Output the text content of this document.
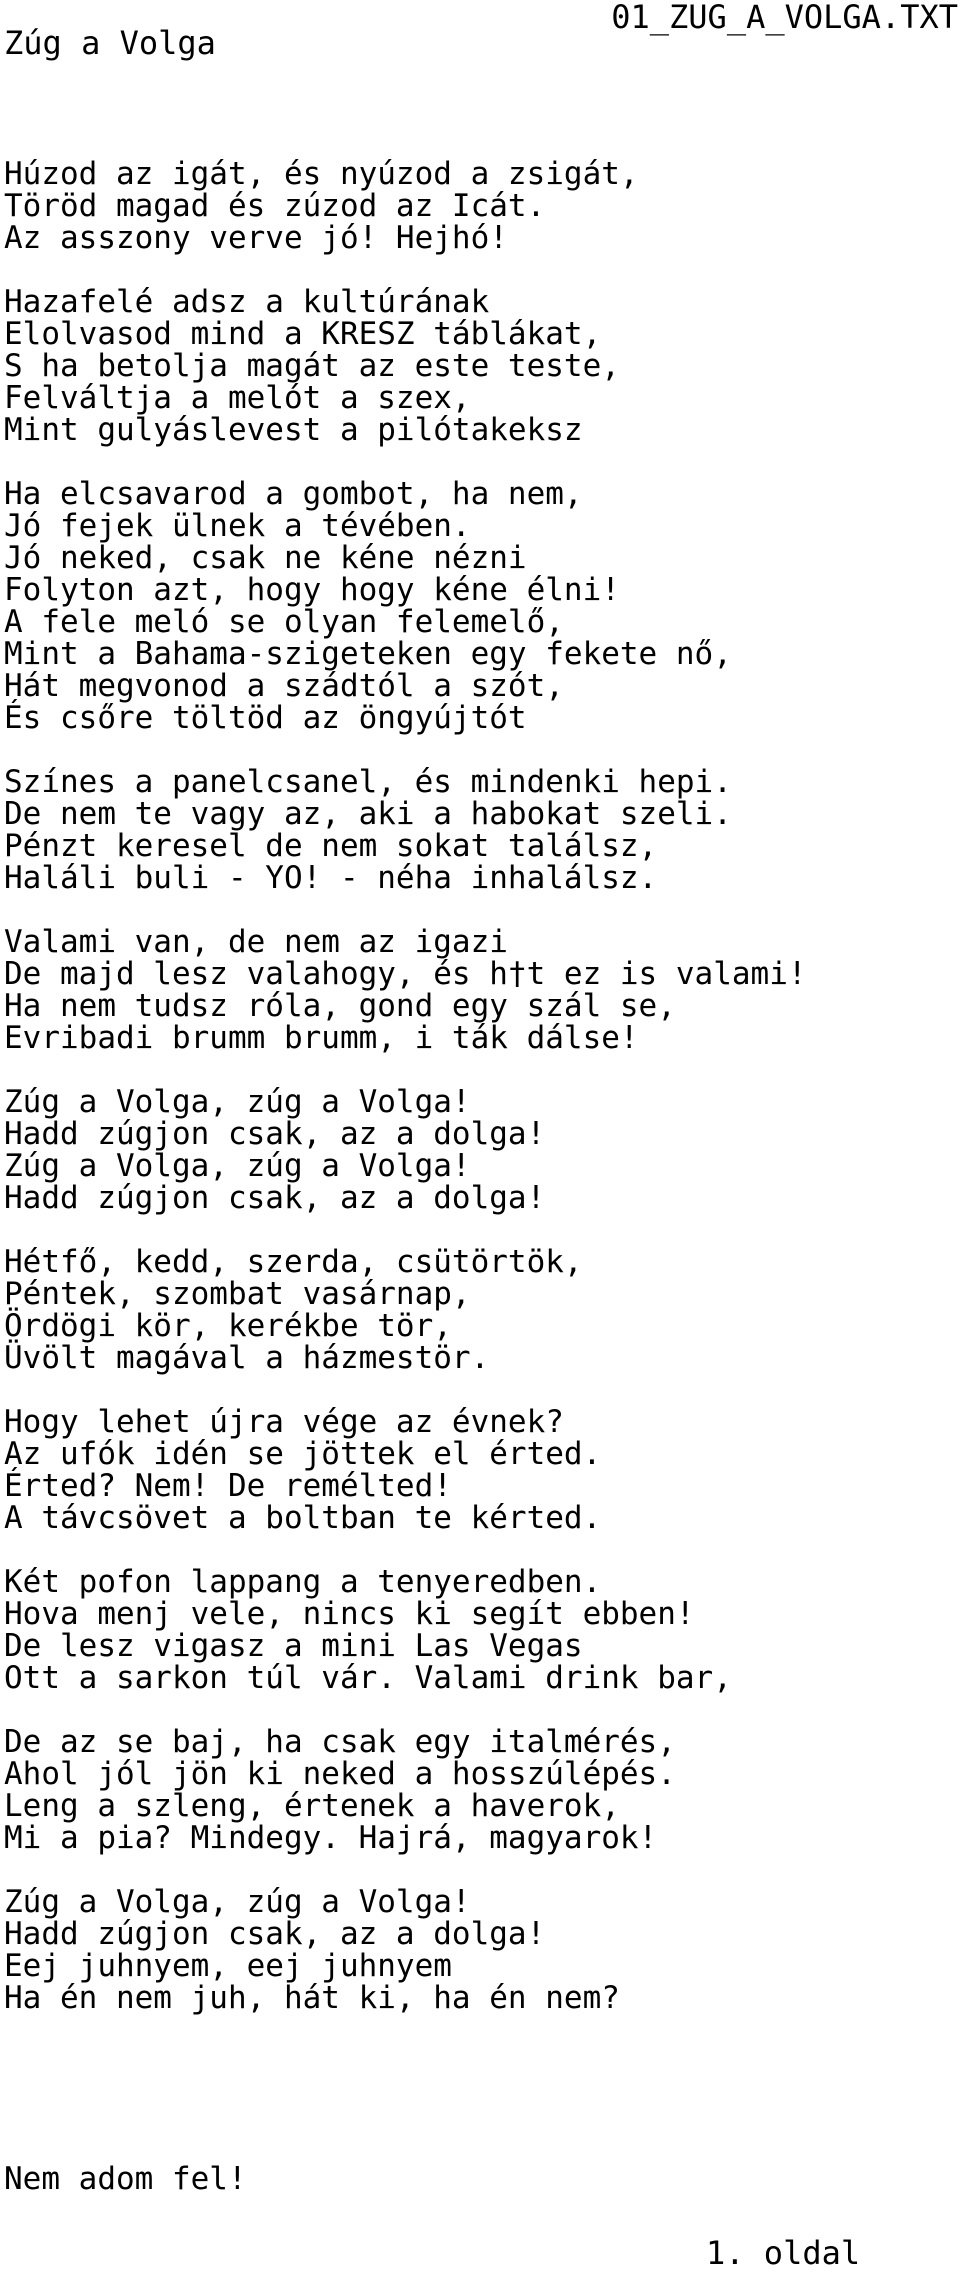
01_ZUG_A_VOLGA.TXT
Zúg a Volga
Húzod az igát, és nyúzod a zsigát,
Töröd magad és zúzod az Icát.
Az asszony verve jó! Hejhó!
Hazafelé adsz a kultúrának
Elolvasod mind a KRESZ táblákat,
S ha betolja magát az este teste,
Felváltja a melót a szex,
Mint gulyáslevest a pilótakeksz
Ha elcsavarod a gombot, ha nem,
Jó fejek ülnek a tévében.
Jó neked, csak ne kéne nézni
Folyton azt, hogy hogy kéne élni!
A fele meló se olyan felemelő,
Mint a Bahama-szigeteken egy fekete nő,
Hát megvonod a szádtól a szót,
És csőre töltöd az öngyújtót
Színes a panelcsanel, és mindenki hepi.
De nem te vagy az, aki a habokat szeli.
Pénzt keresel de nem sokat találsz,
Haláli buli - YO! - néha inhalálsz.
Valami van, de nem az igazi
De majd lesz valahogy, és h†t ez is valami!
Ha nem tudsz róla, gond egy szál se,
Evribadi brumm brumm, i ták dálse!
Zúg a Volga, zúg a Volga!
Hadd zúgjon csak, az a dolga!
Zúg a Volga, zúg a Volga!
Hadd zúgjon csak, az a dolga!
Hétfő, kedd, szerda, csütörtök,
Péntek, szombat vasárnap,
Ördögi kör, kerékbe tör,
Üvölt magával a házmestör.
Hogy lehet újra vége az évnek?
Az ufók idén se jöttek el érted.
Érted? Nem! De remélted!
A távcsövet a boltban te kérted.
Két pofon lappang a tenyeredben.
Hova menj vele, nincs ki segít ebben!
De lesz vigasz a mini Las Vegas
Ott a sarkon túl vár. Valami drink bar,
De az se baj, ha csak egy italmérés,
Ahol jól jön ki neked a hosszúlépés.
Leng a szleng, értenek a haverok,
Mi a pia? Mindegy. Hajrá, magyarok!
Zúg a Volga, zúg a Volga!
Hadd zúgjon csak, az a dolga!
Eej juhnyem, eej juhnyem
Ha én nem juh, hát ki, ha én nem?
Nem adom fel!
1. oldal
